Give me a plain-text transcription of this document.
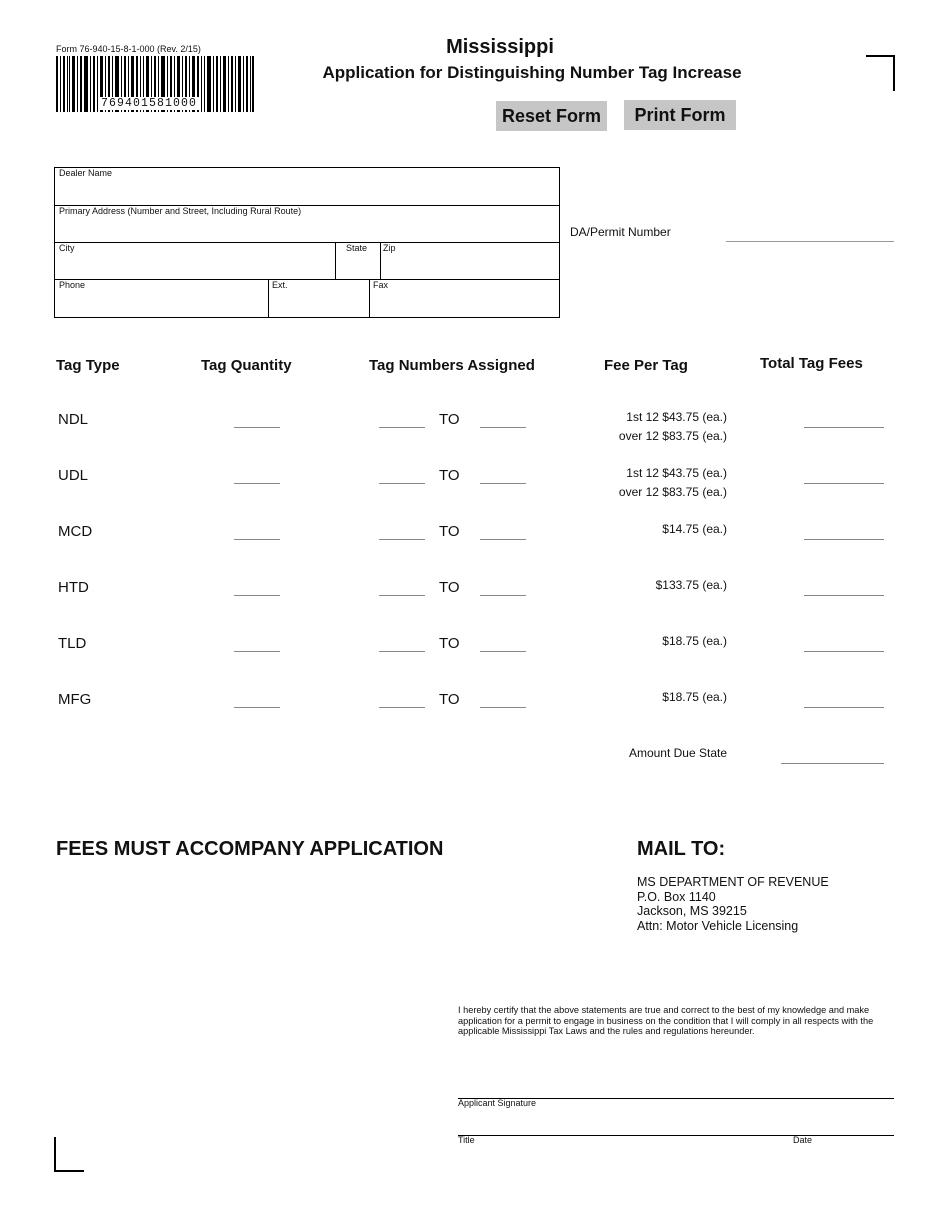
Form 76-940-15-8-1-000 (Rev. 2/15)
769401581000
Mississippi
Application for Distinguishing Number Tag Increase
Reset Form	Print Form
Dealer Name
Primary Address (Number and Street, Including Rural Route)
City	State Zip
Phone	Ext.	Fax
DA/Permit Number
Tag Type	Tag Quantity	Tag Numbers Assigned	Fee Per Tag	Total Tag Fees
NDL	TO	1st 12 $43.75 (ea.)
over 12 $83.75 (ea.)
UDL	TO	1st 12 $43.75 (ea.)
over 12 $83.75 (ea.)
MCD	TO	$14.75 (ea.)
HTD	TO	$133.75 (ea.)
TLD	TO	$18.75 (ea.)
MFG	TO	$18.75 (ea.)
Amount Due State
FEES MUST ACCOMPANY APPLICATION	MAIL TO:
MS DEPARTMENT OF REVENUE
P.O. Box 1140
Jackson, MS 39215
Attn: Motor Vehicle Licensing
I hereby certify that the above statements are true and correct to the best of my knowledge and make application for a permit to engage in business on the condition that I will comply in all respects with the applicable Mississippi Tax Laws and the rules and regulations hereunder.
Applicant Signature
Title	Date
